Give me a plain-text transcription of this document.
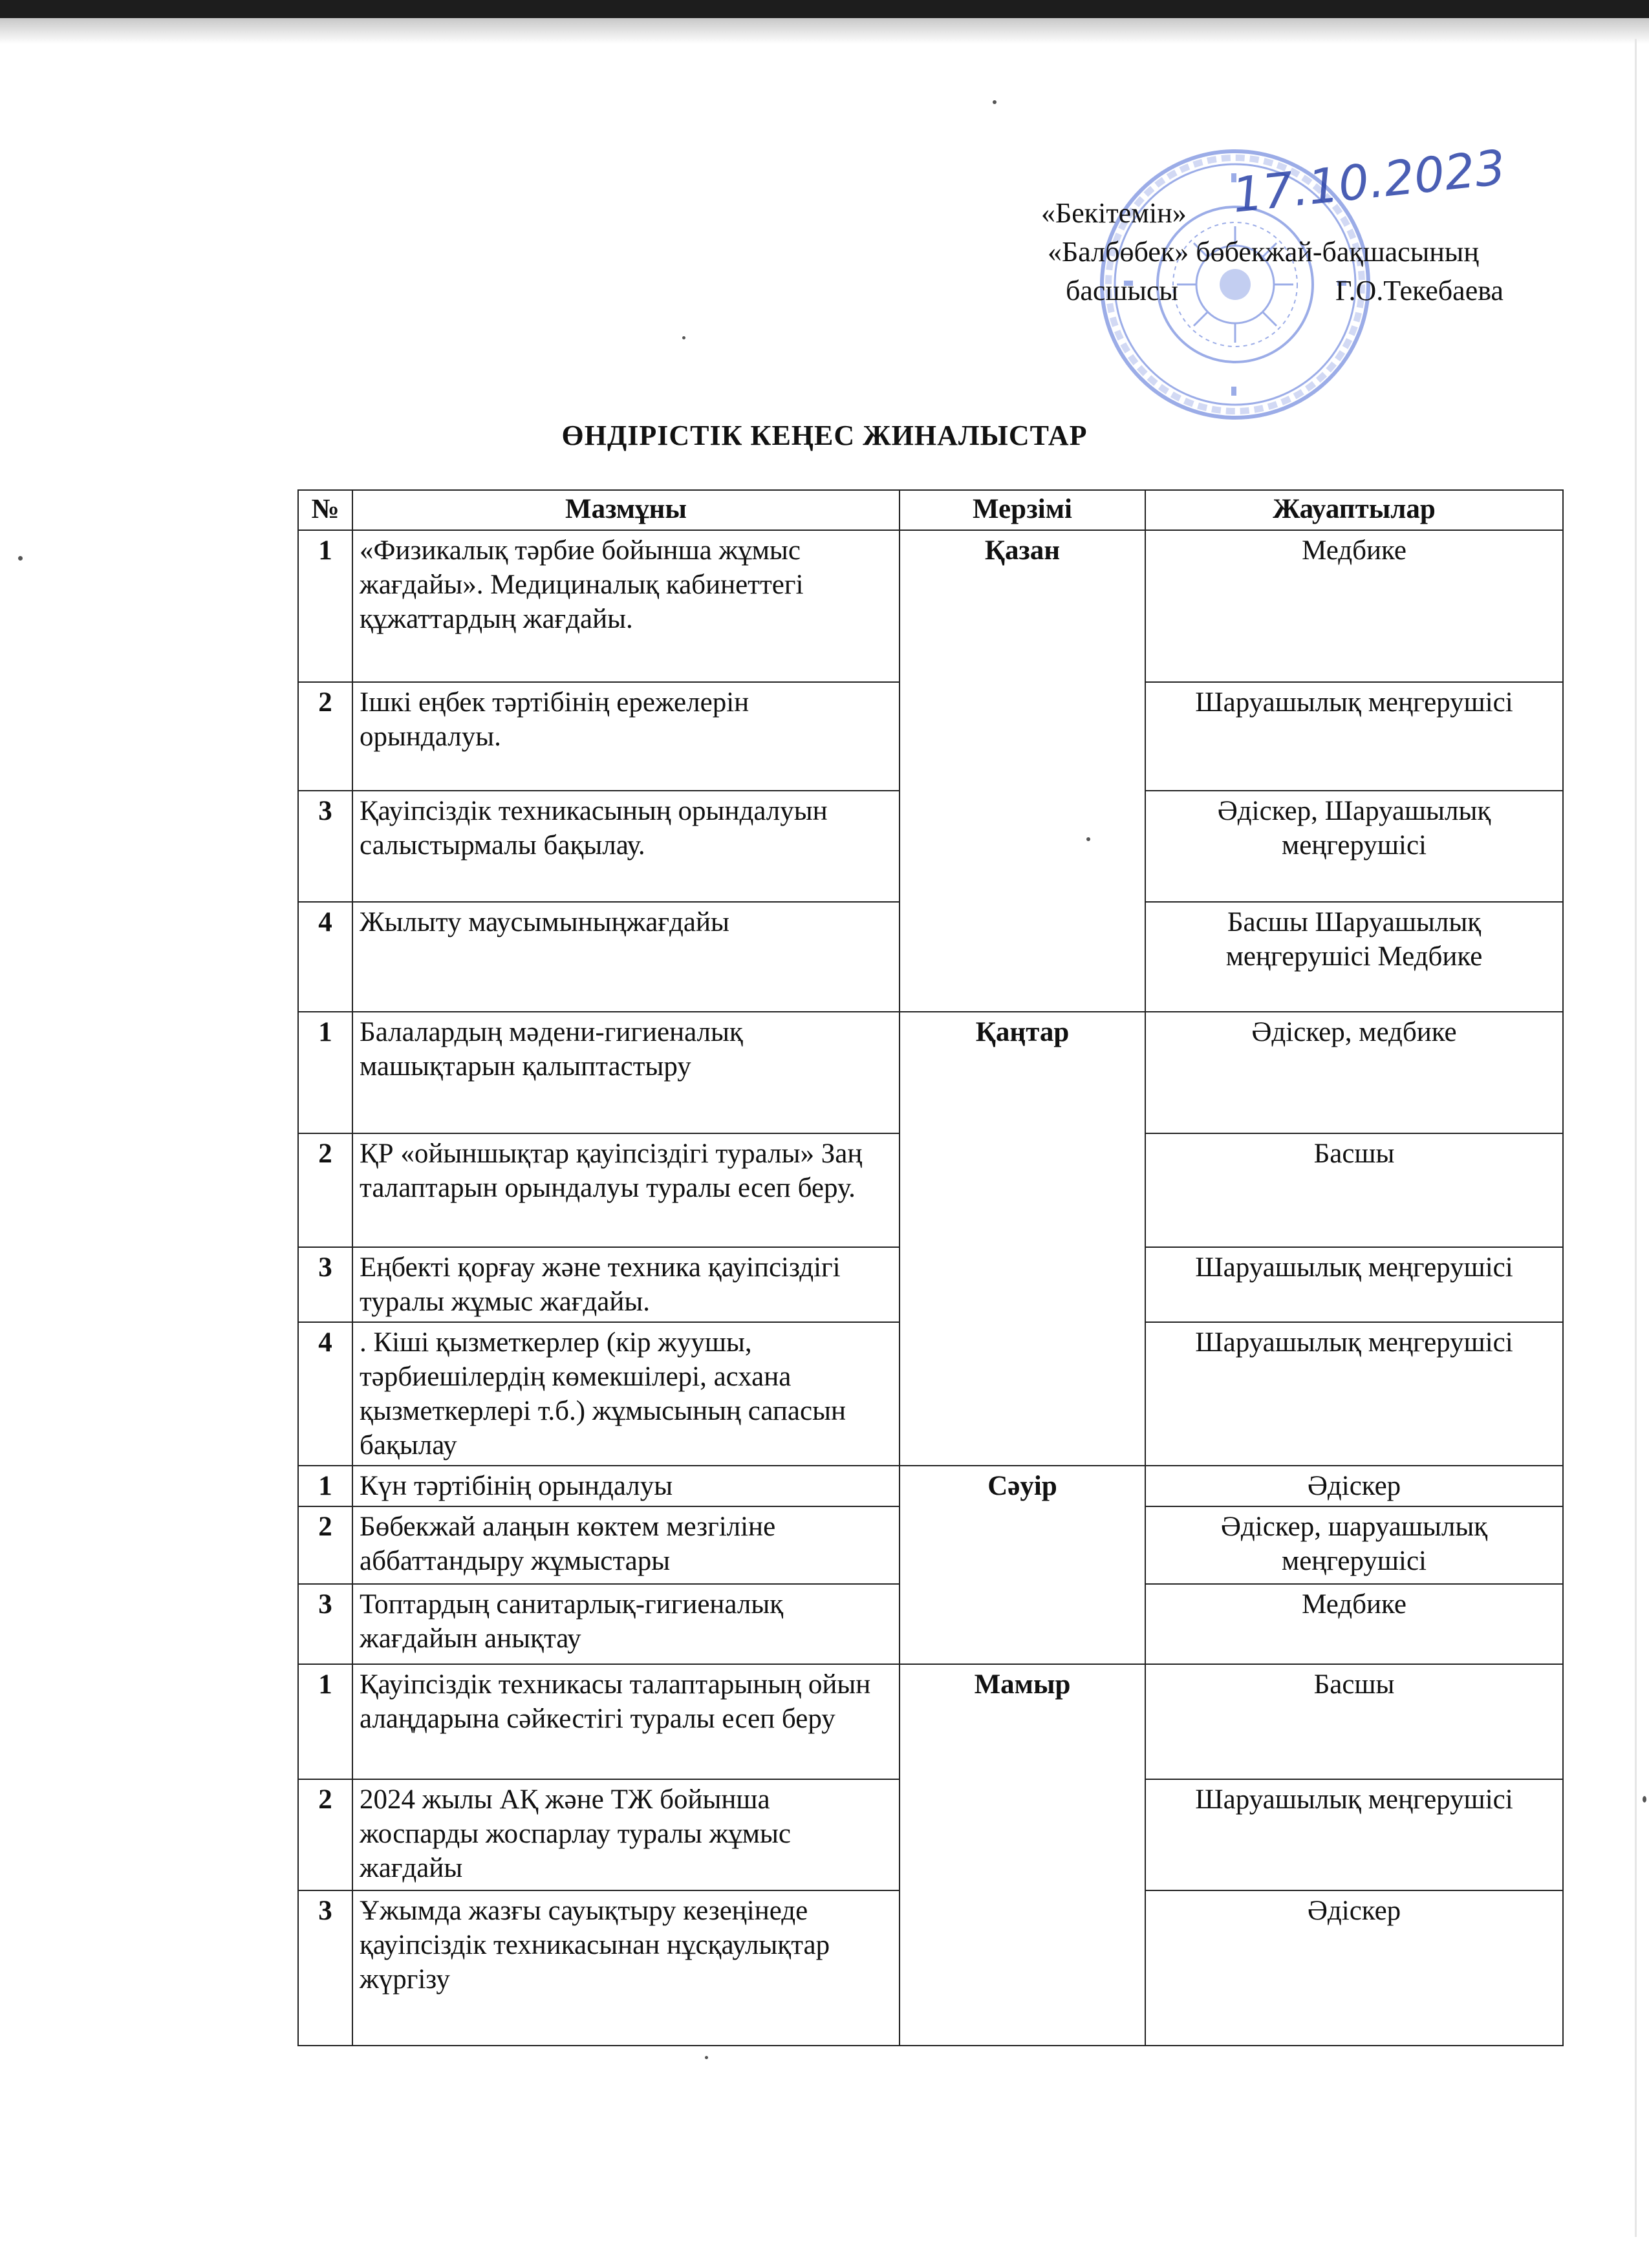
17.10.2023
«Бекітемін»
«Балбөбек» бөбекжай-бақшасының
басшысы	Г.О.Текебаева
ӨНДІРІСТІК КЕҢЕС ЖИНАЛЫСТАР
№	Мазмұны	Мерзімі	Жауаптылар
1	«Физикалық тәрбие бойынша жұмыс жағдайы». Медициналық кабинеттегі құжаттардың жағдайы.	Қазан	Медбике
2	Ішкі еңбек тәртібінің ережелерін орындалуы.		Шаруашылық меңгерушісі
3	Қауіпсіздік техникасының орындалуын салыстырмалы бақылау.		Әдіскер, Шаруашылық меңгерушісі
4	Жылыту маусымыныңжағдайы		Басшы Шаруашылық меңгерушісі Медбике
1	Балалардың мәдени-гигиеналық машықтарын қалыптастыру	Қаңтар	Әдіскер, медбике
2	ҚР «ойыншықтар қауіпсіздігі туралы» Заң талаптарын орындалуы туралы есеп беру.		Басшы
3	Еңбекті қорғау және техника қауіпсіздігі туралы жұмыс жағдайы.		Шаруашылық меңгерушісі
4	. Кіші қызметкерлер (кір жуушы, тәрбиешілердің көмекшілері, асхана қызметкерлері т.б.) жұмысының сапасын бақылау		Шаруашылық меңгерушісі
1	Күн тәртібінің орындалуы	Сәуір	Әдіскер
2	Бөбекжай алаңын көктем мезгіліне аббаттандыру жұмыстары		Әдіскер, шаруашылық меңгерушісі
3	Топтардың санитарлық-гигиеналық жағдайын анықтау		Медбике
1	Қауіпсіздік техникасы талаптарының ойын алаңдарына сәйкестігі туралы есеп беру	Мамыр	Басшы
2	2024 жылы АҚ және ТЖ бойынша жоспарды жоспарлау туралы жұмыс жағдайы		Шаруашылық меңгерушісі
3	Ұжымда жазғы сауықтыру кезеңінеде қауіпсіздік техникасынан нұсқаулықтар жүргізу		Әдіскер
